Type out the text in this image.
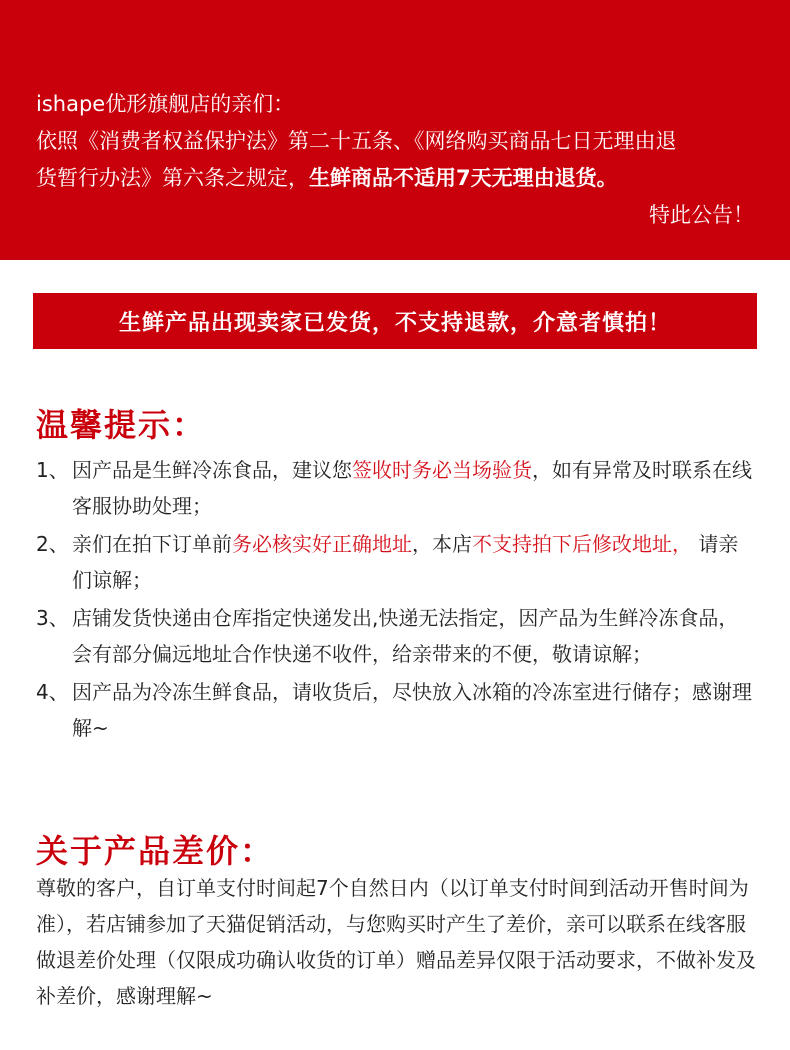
ishape优形旗舰店的亲们：
依照《消费者权益保护法》第二十五条、《网络购买商品七日无理由退
货暂行办法》第六条之规定，生鲜商品不适用7天无理由退货。
特此公告！
生鲜产品出现卖家已发货，不支持退款，介意者慎拍！
温馨提示：
1、 因产品是生鲜冷冻食品，建议您签收时务必当场验货，如有异常及时联系在线客服协助处理；
2、 亲们在拍下订单前务必核实好正确地址，本店不支持拍下后修改地址， 请亲们谅解；
3、 店铺发货快递由仓库指定快递发出,快递无法指定，因产品为生鲜冷冻食品，会有部分偏远地址合作快递不收件，给亲带来的不便，敬请谅解；
4、 因产品为冷冻生鲜食品，请收货后，尽快放入冰箱的冷冻室进行储存；感谢理解~
关于产品差价：
尊敬的客户，自订单支付时间起7个自然日内（以订单支付时间到活动开售时间为准），若店铺参加了天猫促销活动，与您购买时产生了差价，亲可以联系在线客服做退差价处理（仅限成功确认收货的订单）赠品差异仅限于活动要求，不做补发及补差价，感谢理解~
